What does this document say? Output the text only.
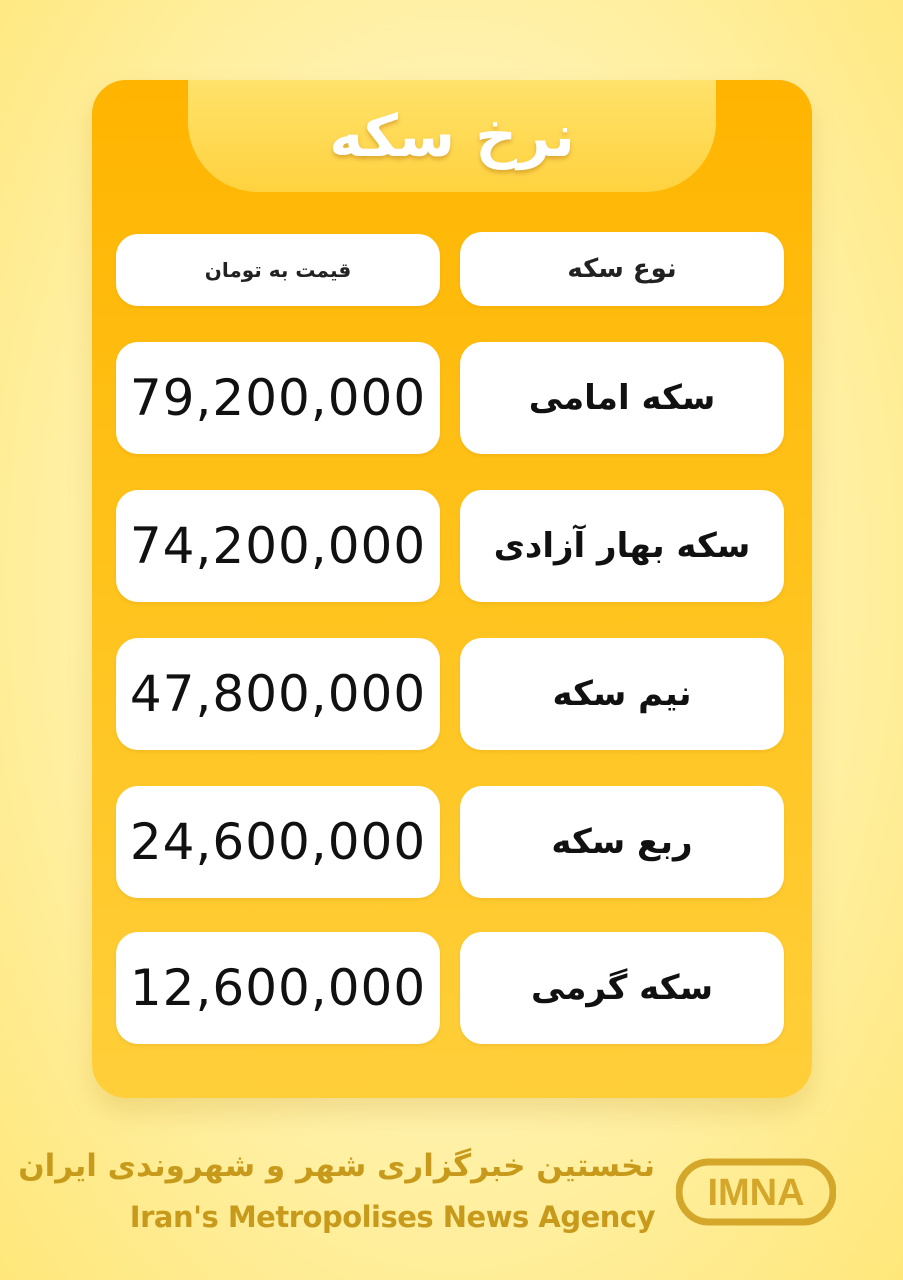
نرخ سکه
قیمت به تومان	نوع سکه
79,200,000	سکه امامی
74,200,000 سکه بهار آزادی
47,800,000	نیم سکه
24,600,000	ربع سکه
12,600,000	سکه گرمی
نخستین خبرگزاری شهر و شهروندی ایران
Iran's Metropolises News Agency
IMNA
